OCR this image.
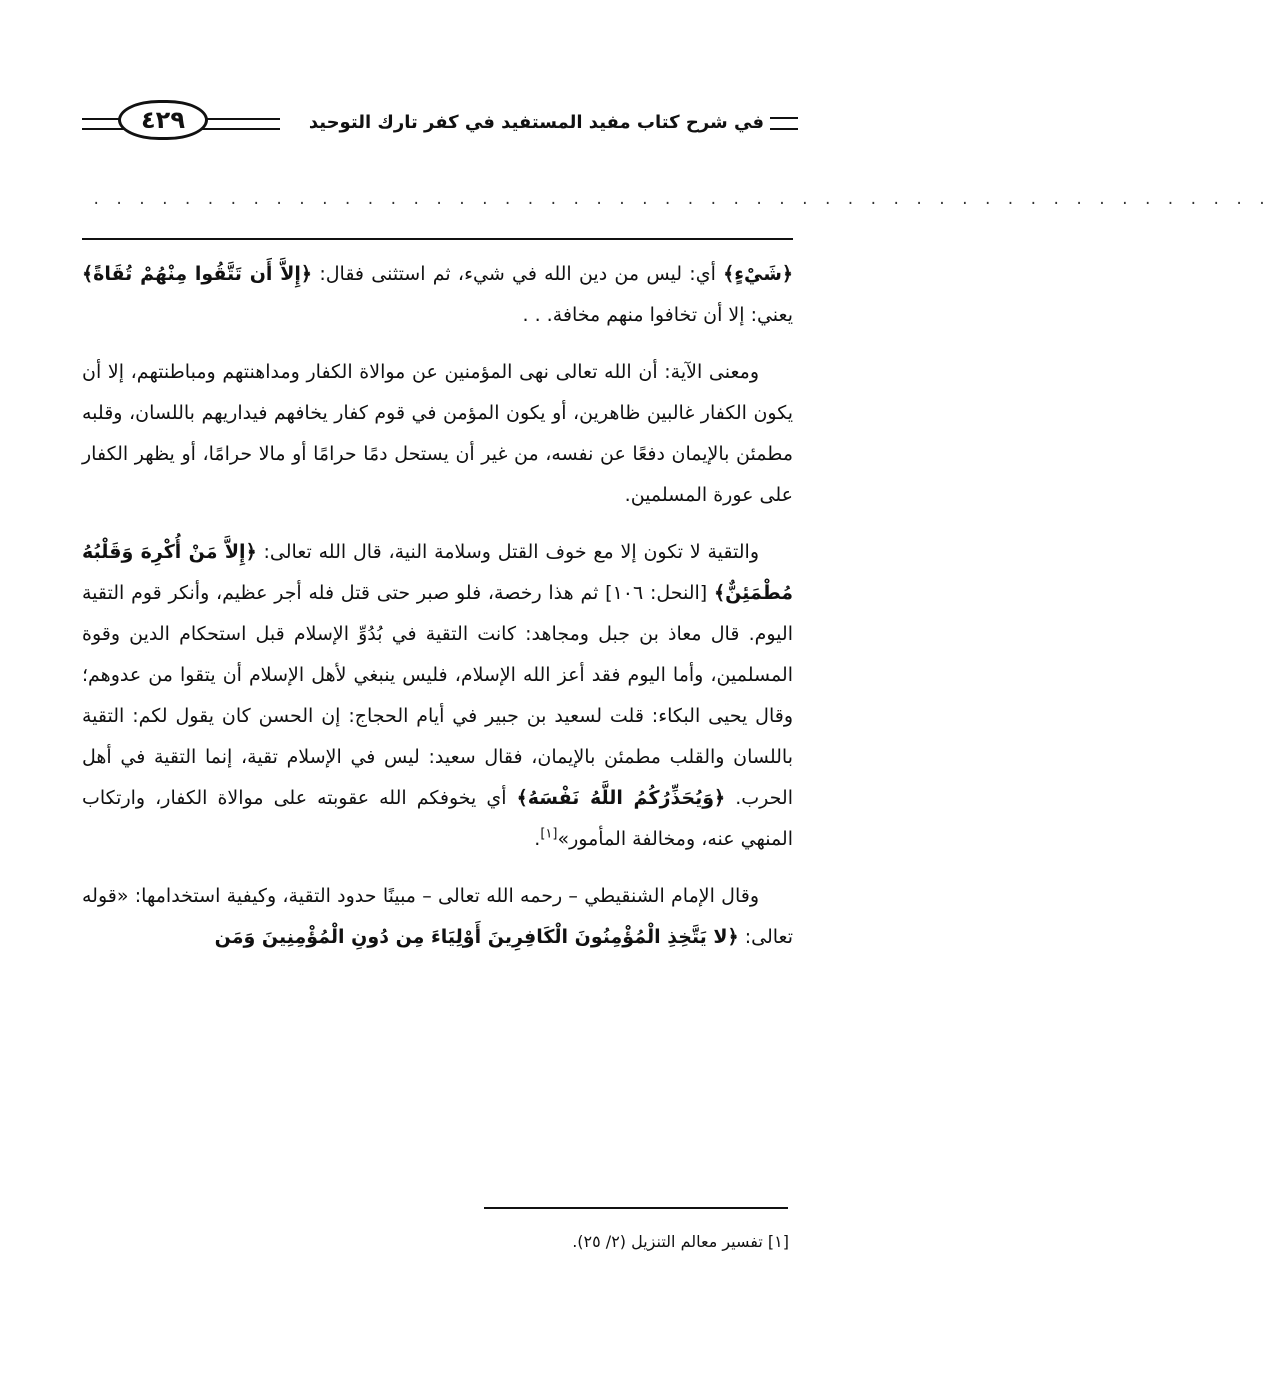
في شرح كتاب مفيد المستفيد في كفر تارك التوحيد
٤٢٩
. . . . . . . . . . . . . . . . . . . . . . . . . . . . . . . . . . . . . . . . . . . . . . . . . . . .

﴿شَيْءٍ﴾ أي: ليس من دين الله في شيء، ثم استثنى فقال: ﴿إِلاَّ أَن تَتَّقُوا مِنْهُمْ تُقَاةً﴾ يعني: إلا أن تخافوا منهم مخافة. . .

ومعنى الآية: أن الله تعالى نهى المؤمنين عن موالاة الكفار ومداهنتهم ومباطنتهم، إلا أن يكون الكفار غالبين ظاهرين، أو يكون المؤمن في قوم كفار يخافهم فيداريهم باللسان، وقلبه مطمئن بالإيمان دفعًا عن نفسه، من غير أن يستحل دمًا حرامًا أو مالا حرامًا، أو يظهر الكفار على عورة المسلمين.

والتقية لا تكون إلا مع خوف القتل وسلامة النية، قال الله تعالى: ﴿إِلاَّ مَنْ أُكْرِهَ وَقَلْبُهُ مُطْمَئِنٌّ﴾ [النحل: ١٠٦] ثم هذا رخصة، فلو صبر حتى قتل فله أجر عظيم، وأنكر قوم التقية اليوم. قال معاذ بن جبل ومجاهد: كانت التقية في بُدُوِّ الإسلام قبل استحكام الدين وقوة المسلمين، وأما اليوم فقد أعز الله الإسلام، فليس ينبغي لأهل الإسلام أن يتقوا من عدوهم؛ وقال يحيى البكاء: قلت لسعيد بن جبير في أيام الحجاج: إن الحسن كان يقول لكم: التقية باللسان والقلب مطمئن بالإيمان، فقال سعيد: ليس في الإسلام تقية، إنما التقية في أهل الحرب. ﴿وَيُحَذِّرُكُمُ اللَّهُ نَفْسَهُ﴾ أي يخوفكم الله عقوبته على موالاة الكفار، وارتكاب المنهي عنه، ومخالفة المأمور»[١].

وقال الإمام الشنقيطي – رحمه الله تعالى – مبينًا حدود التقية، وكيفية استخدامها: «قوله تعالى: ﴿لا يَتَّخِذِ الْمُؤْمِنُونَ الْكَافِرِينَ أَوْلِيَاءَ مِن دُونِ الْمُؤْمِنِينَ وَمَن

[١] تفسير معالم التنزيل (٢/ ٢٥).
